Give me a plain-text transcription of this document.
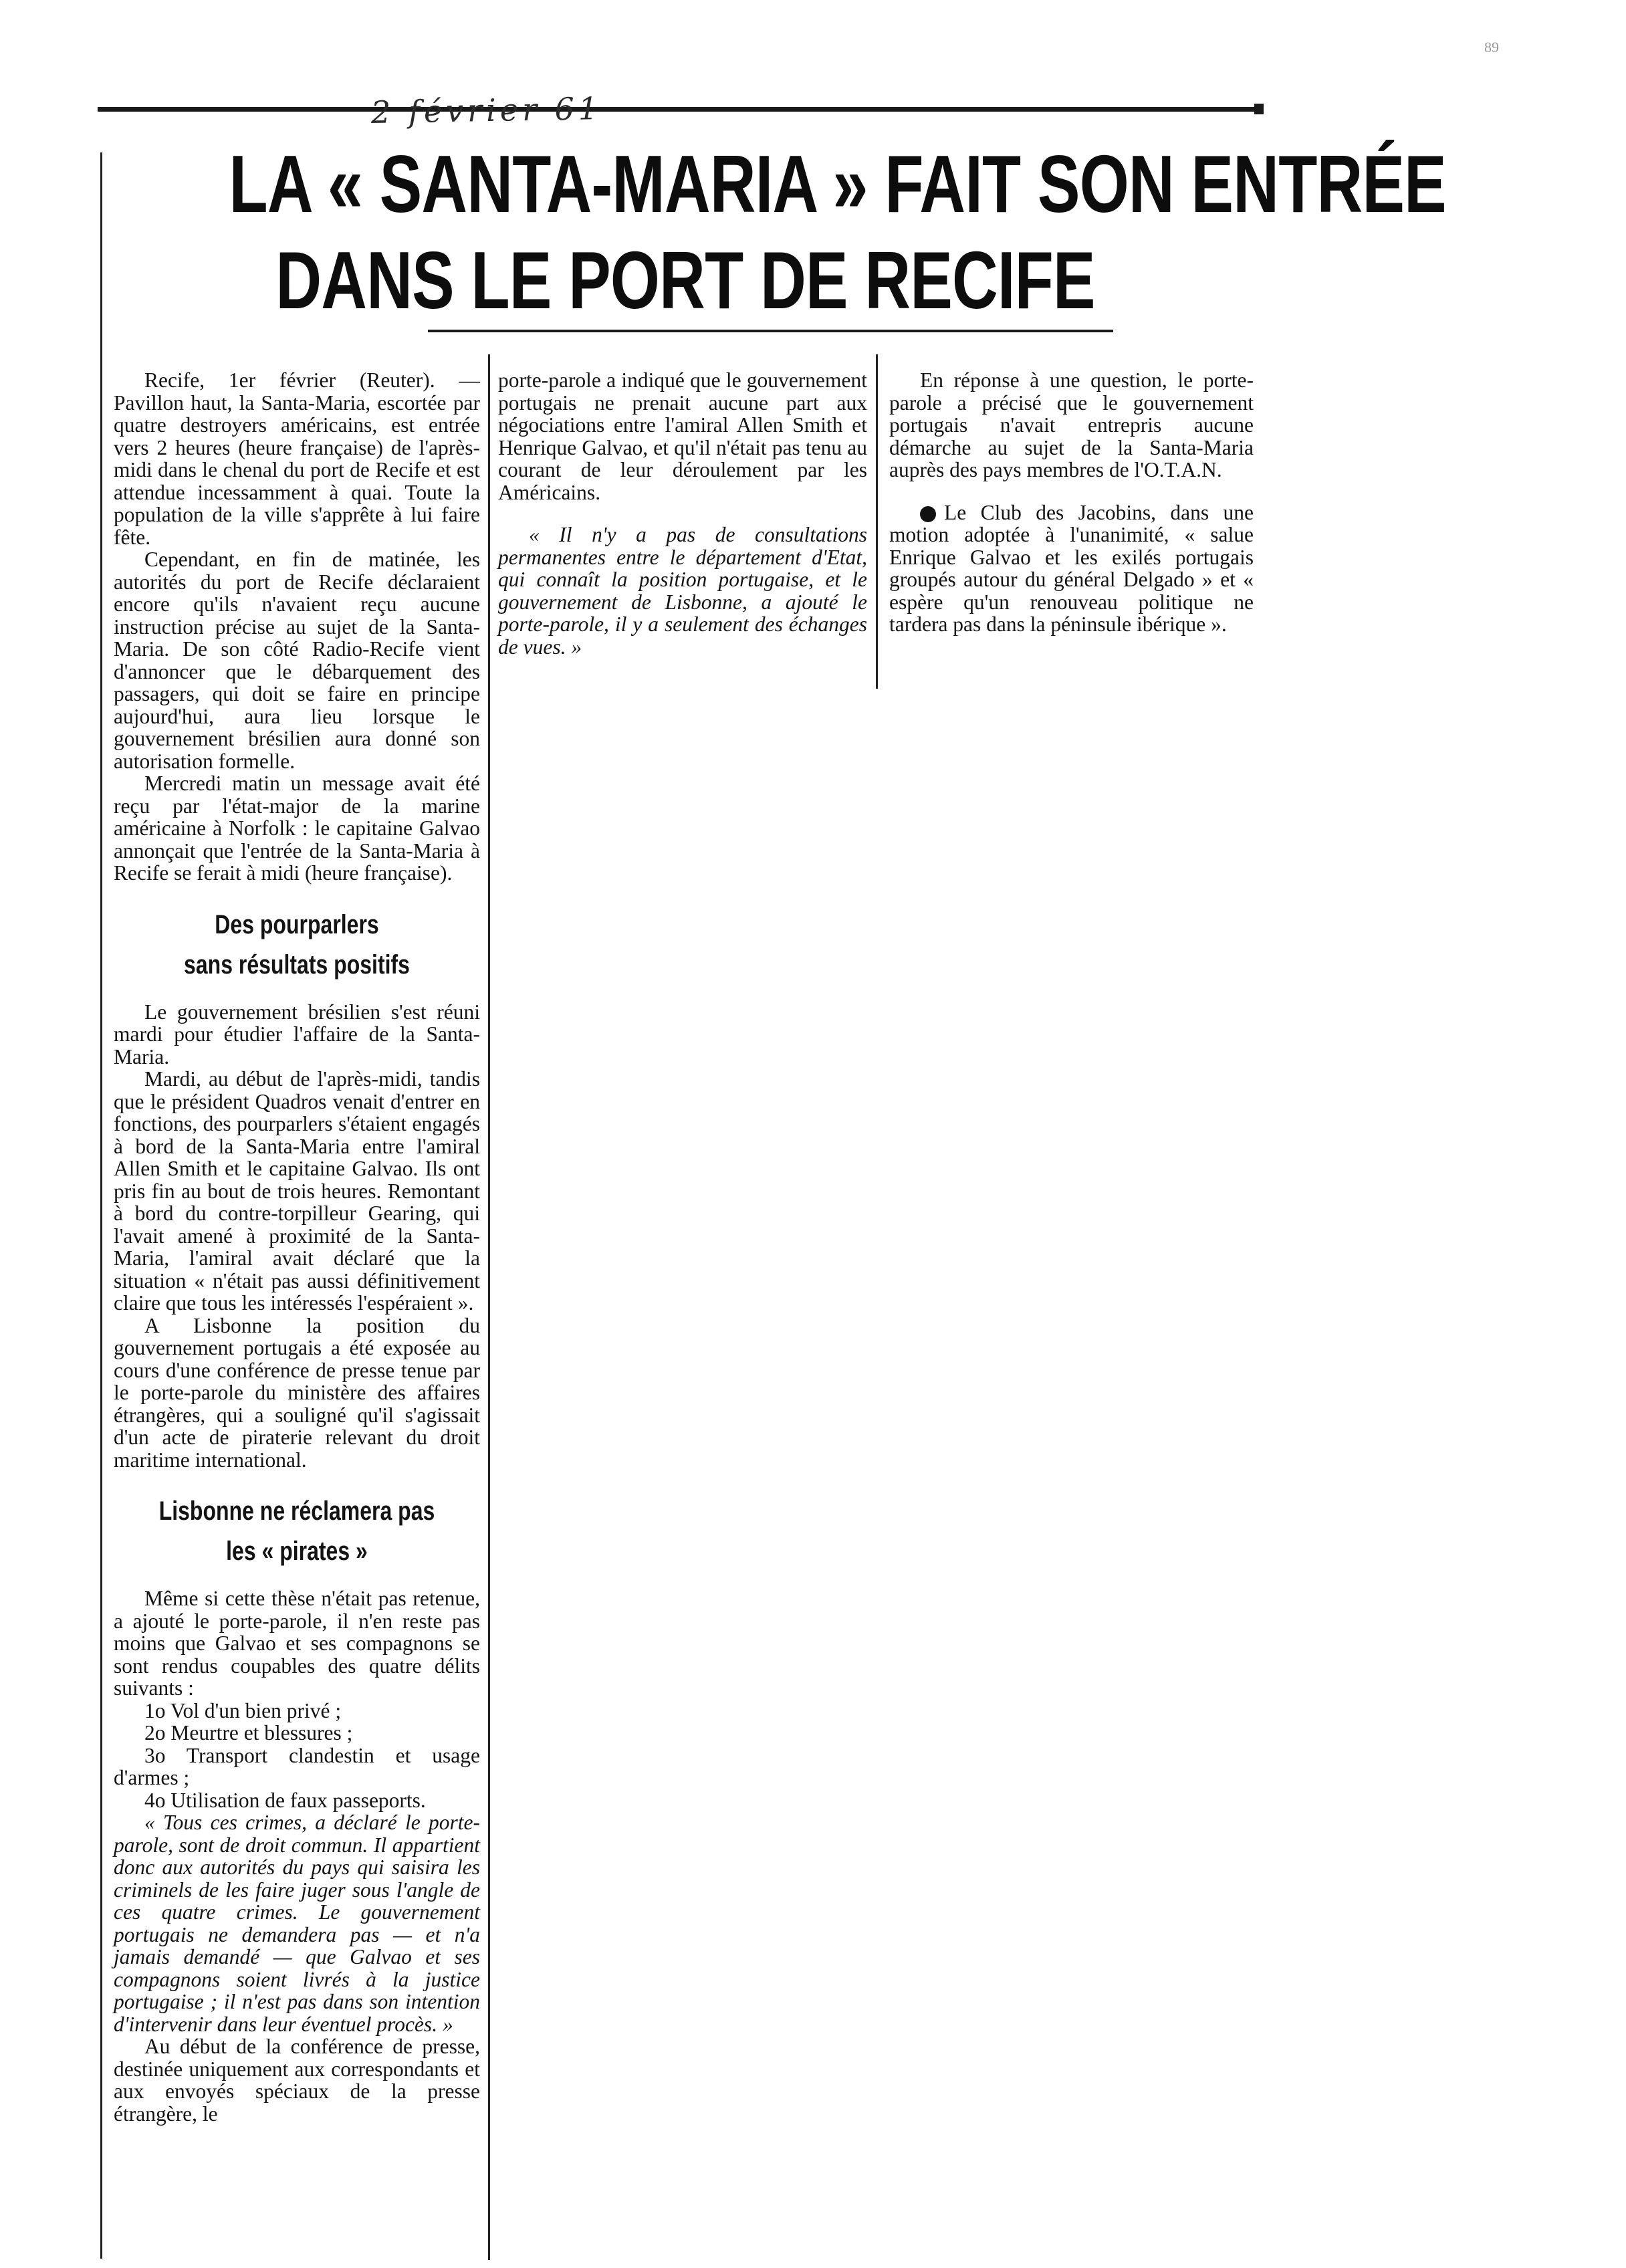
89
2 février 61
LA « SANTA-MARIA » FAIT SON ENTRÉE
DANS LE PORT DE RECIFE

Recife, 1er février (Reuter). — Pavillon haut, la Santa-Maria, escortée par quatre destroyers américains, est entrée vers 2 heures (heure française) de l'après-midi dans le chenal du port de Recife et est attendue incessamment à quai. Toute la population de la ville s'apprête à lui faire fête.

Cependant, en fin de matinée, les autorités du port de Recife déclaraient encore qu'ils n'avaient reçu aucune instruction précise au sujet de la Santa-Maria. De son côté Radio-Recife vient d'annoncer que le débarquement des passagers, qui doit se faire en principe aujourd'hui, aura lieu lorsque le gouvernement brésilien aura donné son autorisation formelle.

Mercredi matin un message avait été reçu par l'état-major de la marine américaine à Norfolk : le capitaine Galvao annonçait que l'entrée de la Santa-Maria à Recife se ferait à midi (heure française).

Des pourparlers
sans résultats positifs

Le gouvernement brésilien s'est réuni mardi pour étudier l'affaire de la Santa-Maria.

Mardi, au début de l'après-midi, tandis que le président Quadros venait d'entrer en fonctions, des pourparlers s'étaient engagés à bord de la Santa-Maria entre l'amiral Allen Smith et le capitaine Galvao. Ils ont pris fin au bout de trois heures. Remontant à bord du contre-torpilleur Gearing, qui l'avait amené à proximité de la Santa-Maria, l'amiral avait déclaré que la situation « n'était pas aussi définitivement claire que tous les intéressés l'espéraient ».

A Lisbonne la position du gouvernement portugais a été exposée au cours d'une conférence de presse tenue par le porte-parole du ministère des affaires étrangères, qui a souligné qu'il s'agissait d'un acte de piraterie relevant du droit maritime international.

Lisbonne ne réclamera pas
les « pirates »

Même si cette thèse n'était pas retenue, a ajouté le porte-parole, il n'en reste pas moins que Galvao et ses compagnons se sont rendus coupables des quatre délits suivants :

1o Vol d'un bien privé ;

2o Meurtre et blessures ;

3o Transport clandestin et usage d'armes ;

4o Utilisation de faux passeports.

« Tous ces crimes, a déclaré le porte-parole, sont de droit commun. Il appartient donc aux autorités du pays qui saisira les criminels de les faire juger sous l'angle de ces quatre crimes. Le gouvernement portugais ne demandera pas — et n'a jamais demandé — que Galvao et ses compagnons soient livrés à la justice portugaise ; il n'est pas dans son intention d'intervenir dans leur éventuel procès. »

Au début de la conférence de presse, destinée uniquement aux correspondants et aux envoyés spéciaux de la presse étrangère, le

porte-parole a indiqué que le gouvernement portugais ne prenait aucune part aux négociations entre l'amiral Allen Smith et Henrique Galvao, et qu'il n'était pas tenu au courant de leur déroulement par les Américains.

« Il n'y a pas de consultations permanentes entre le département d'Etat, qui connaît la position portugaise, et le gouvernement de Lisbonne, a ajouté le porte-parole, il y a seulement des échanges de vues. »

En réponse à une question, le porte-parole a précisé que le gouvernement portugais n'avait entrepris aucune démarche au sujet de la Santa-Maria auprès des pays membres de l'O.T.A.N.

Le Club des Jacobins, dans une motion adoptée à l'unanimité, « salue Enrique Galvao et les exilés portugais groupés autour du général Delgado » et « espère qu'un renouveau politique ne tardera pas dans la péninsule ibérique ».
